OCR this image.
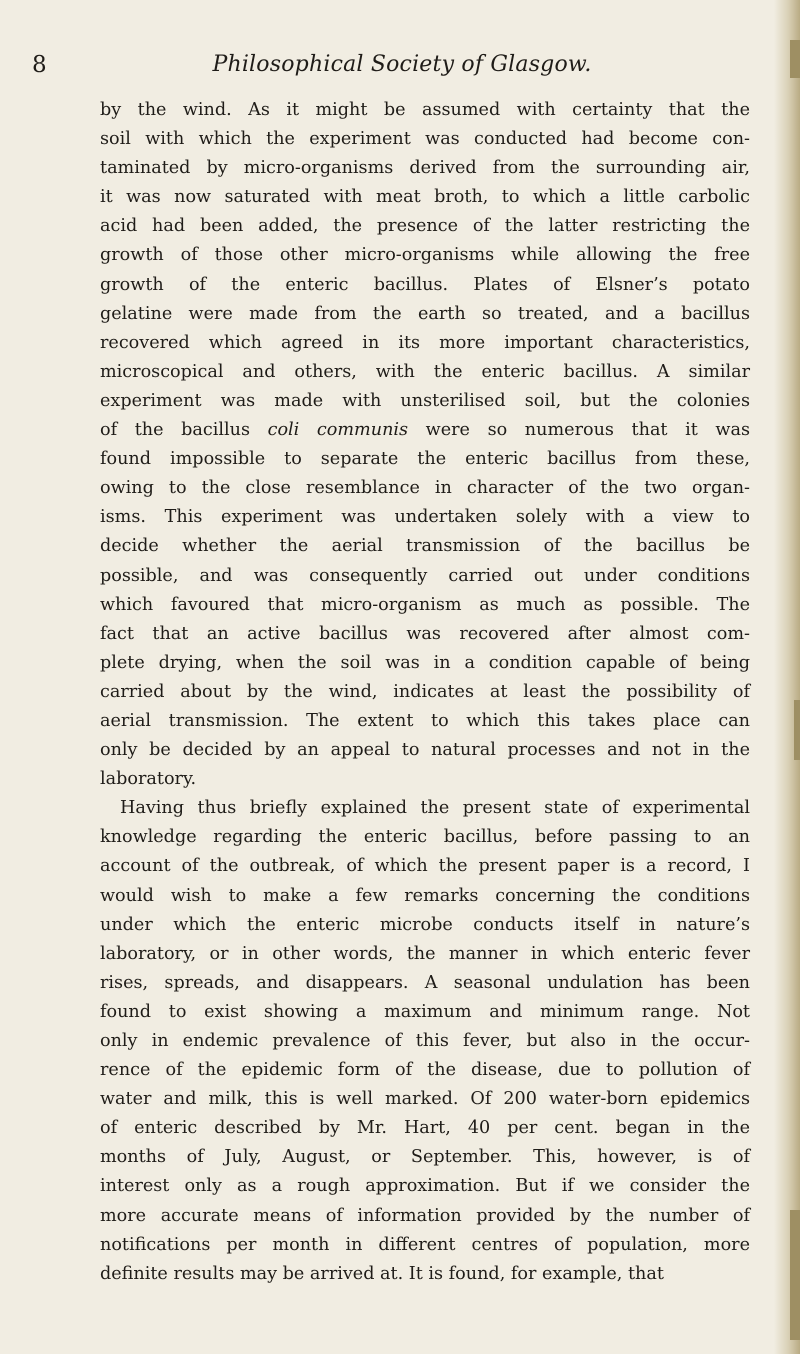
8	Philosophical Society of Glasgow.
by the wind. As it might be assumed with certainty that the
soil with which the experiment was conducted had become con-
taminated by micro-organisms derived from the surrounding air,
it was now saturated with meat broth, to which a little carbolic
acid had been added, the presence of the latter restricting the
growth of those other micro-organisms while allowing the free
growth of the enteric bacillus. Plates of Elsner’s potato
gelatine were made from the earth so treated, and a bacillus
recovered which agreed in its more important characteristics,
microscopical and others, with the enteric bacillus. A similar
experiment was made with unsterilised soil, but the colonies
of the bacillus coli communis were so numerous that it was
found impossible to separate the enteric bacillus from these,
owing to the close resemblance in character of the two organ-
isms. This experiment was undertaken solely with a view to
decide whether the aerial transmission of the bacillus be
possible, and was consequently carried out under conditions
which favoured that micro-organism as much as possible. The
fact that an active bacillus was recovered after almost com-
plete drying, when the soil was in a condition capable of being
carried about by the wind, indicates at least the possibility of
aerial transmission. The extent to which this takes place can
only be decided by an appeal to natural processes and not in the
laboratory.
Having thus briefly explained the present state of experimental
knowledge regarding the enteric bacillus, before passing to an
account of the outbreak, of which the present paper is a record, I
would wish to make a few remarks concerning the conditions
under which the enteric microbe conducts itself in nature’s
laboratory, or in other words, the manner in which enteric fever
rises, spreads, and disappears. A seasonal undulation has been
found to exist showing a maximum and minimum range. Not
only in endemic prevalence of this fever, but also in the occur-
rence of the epidemic form of the disease, due to pollution of
water and milk, this is well marked. Of 200 water-born epidemics
of enteric described by Mr. Hart, 40 per cent. began in the
months of July, August, or September. This, however, is of
interest only as a rough approximation. But if we consider the
more accurate means of information provided by the number of
notifications per month in different centres of population, more
definite results may be arrived at. It is found, for example, that
